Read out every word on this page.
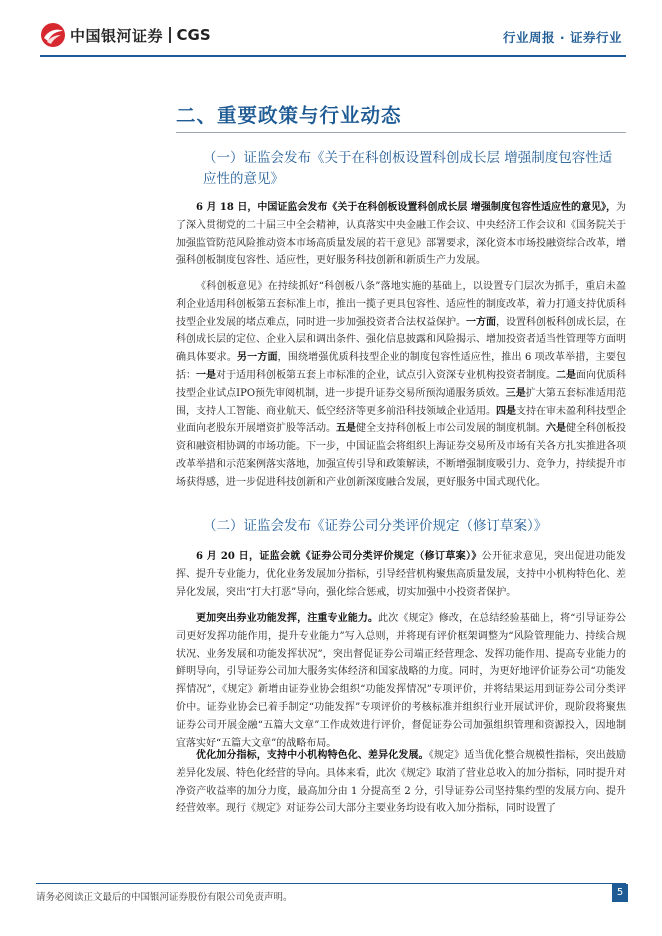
中国银河证券 CGS	行业周报 · 证券行业
二、重要政策与行业动态
（一）证监会发布《关于在科创板设置科创成长层 增强制度包容性适应性的意见》
6 月 18 日，中国证监会发布《关于在科创板设置科创成长层 增强制度包容性适应性的意见》，为了深入贯彻党的二十届三中全会精神，认真落实中央金融工作会议、中央经济工作会议和《国务院关于加强监管防范风险推动资本市场高质量发展的若干意见》部署要求，深化资本市场投融资综合改革，增强科创板制度包容性、适应性，更好服务科技创新和新质生产力发展。
《科创板意见》在持续抓好“科创板八条”落地实施的基础上，以设置专门层次为抓手，重启未盈利企业适用科创板第五套标准上市，推出一揽子更具包容性、适应性的制度改革，着力打通支持优质科技型企业发展的堵点难点，同时进一步加强投资者合法权益保护。一方面，设置科创板科创成长层，在科创成长层的定位、企业入层和调出条件、强化信息披露和风险揭示、增加投资者适当性管理等方面明确具体要求。另一方面，围绕增强优质科技型企业的制度包容性适应性，推出 6 项改革举措，主要包括：一是对于适用科创板第五套上市标准的企业，试点引入资深专业机构投资者制度。二是面向优质科技型企业试点IPO预先审阅机制，进一步提升证券交易所预沟通服务质效。三是扩大第五套标准适用范围，支持人工智能、商业航天、低空经济等更多前沿科技领域企业适用。四是支持在审未盈利科技型企业面向老股东开展增资扩股等活动。五是健全支持科创板上市公司发展的制度机制。六是健全科创板投资和融资相协调的市场功能。下一步，中国证监会将组织上海证券交易所及市场有关各方扎实推进各项改革举措和示范案例落实落地，加强宣传引导和政策解读，不断增强制度吸引力、竞争力，持续提升市场获得感，进一步促进科技创新和产业创新深度融合发展，更好服务中国式现代化。
（二）证监会发布《证券公司分类评价规定（修订草案）》
6 月 20 日，证监会就《证券公司分类评价规定（修订草案）》公开征求意见，突出促进功能发挥、提升专业能力，优化业务发展加分指标，引导经营机构聚焦高质量发展，支持中小机构特色化、差异化发展，突出“打大打恶”导向，强化综合惩戒，切实加强中小投资者保护。
更加突出券业功能发挥，注重专业能力。此次《规定》修改，在总结经验基础上，将“引导证券公司更好发挥功能作用，提升专业能力”写入总则，并将现有评价框架调整为“风险管理能力、持续合规状况、业务发展和功能发挥状况”，突出督促证券公司端正经营理念、发挥功能作用、提高专业能力的鲜明导向，引导证券公司加大服务实体经济和国家战略的力度。同时，为更好地评价证券公司“功能发挥情况”，《规定》新增由证券业协会组织“功能发挥情况”专项评价，并将结果运用到证券公司分类评价中。证券业协会已着手制定“功能发挥”专项评价的考核标准并组织行业开展试评价，现阶段将聚焦证券公司开展金融“五篇大文章”工作成效进行评价，督促证券公司加强组织管理和资源投入，因地制宜落实好“五篇大文章”的战略布局。
优化加分指标，支持中小机构特色化、差异化发展。《规定》适当优化整合规模性指标，突出鼓励差异化发展、特色化经营的导向。具体来看，此次《规定》取消了营业总收入的加分指标，同时提升对净资产收益率的加分力度，最高加分由 1 分提高至 2 分，引导证券公司坚持集约型的发展方向、提升经营效率。现行《规定》对证券公司大部分主要业务均设有收入加分指标，同时设置了
请务必阅读正文最后的中国银河证券股份有限公司免责声明。	5
